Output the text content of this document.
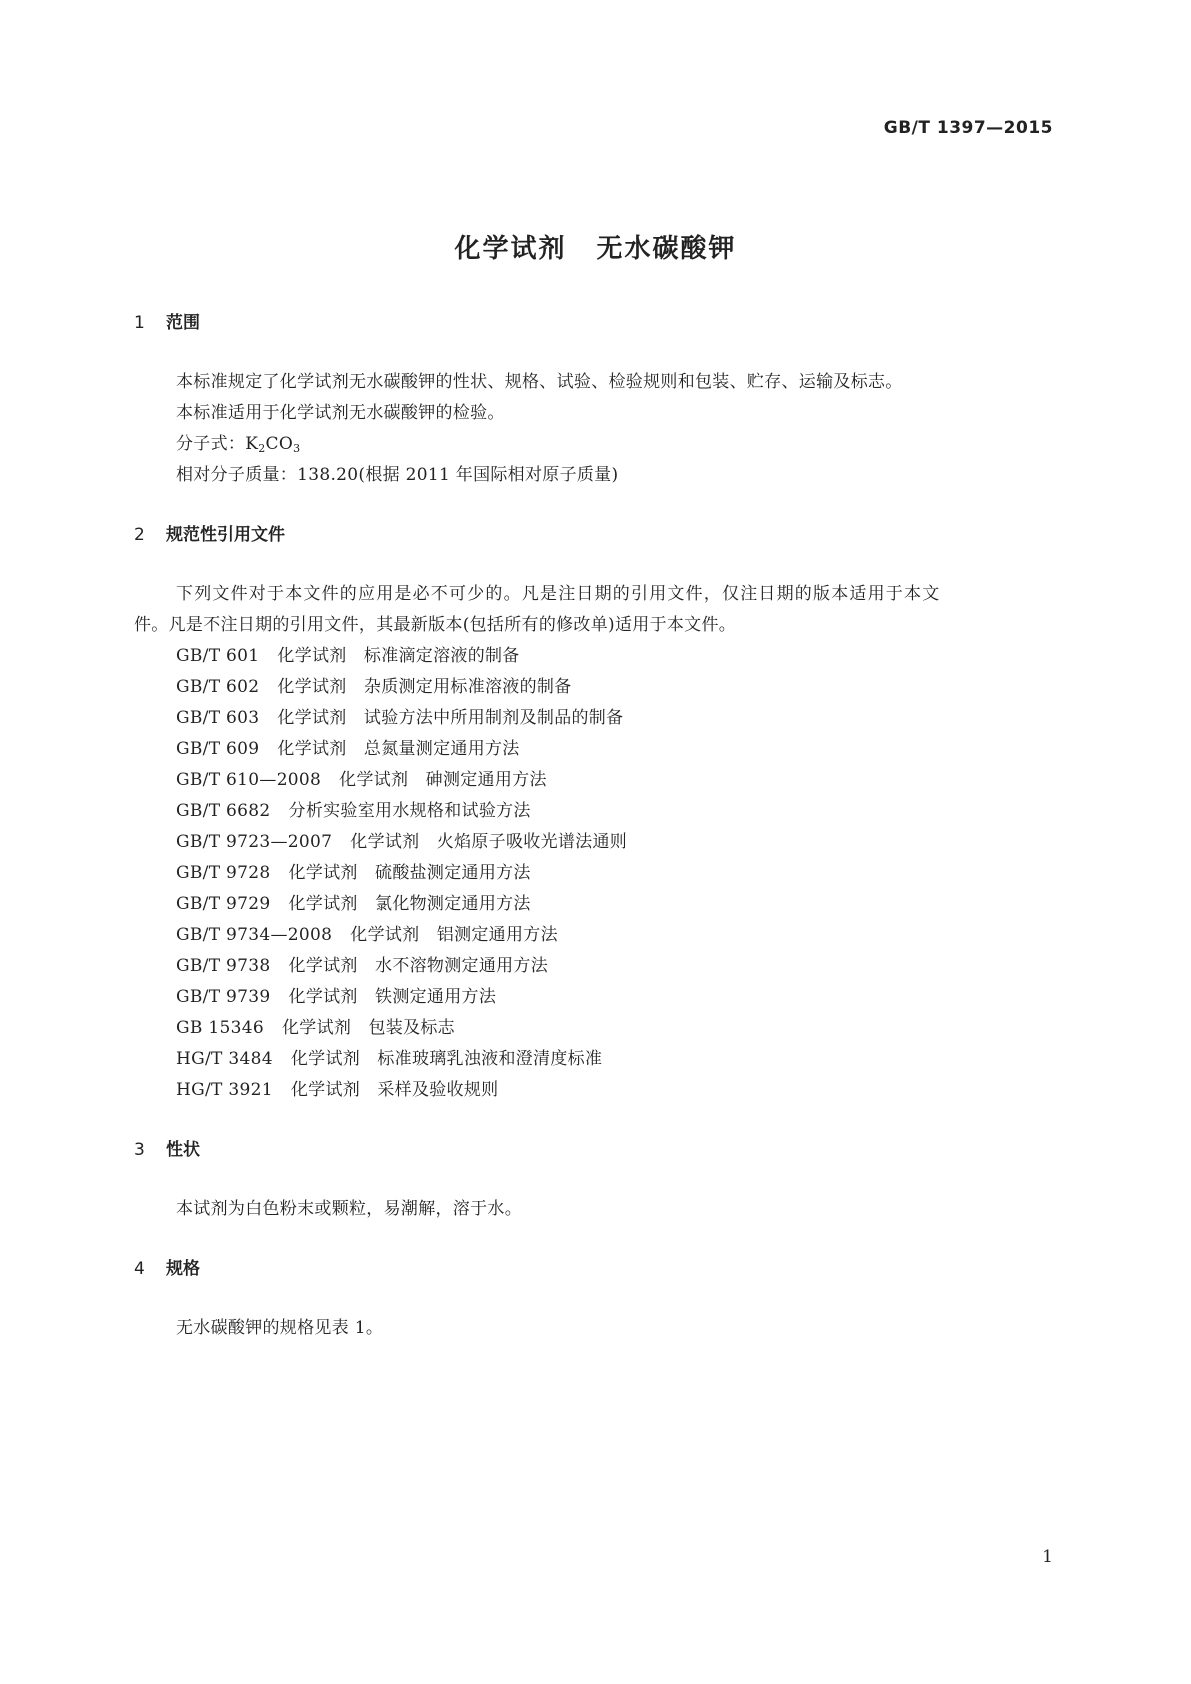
GB/T 1397—2015
化学试剂 无水碳酸钾
1 范围
本标准规定了化学试剂无水碳酸钾的性状、规格、试验、检验规则和包装、贮存、运输及标志。
本标准适用于化学试剂无水碳酸钾的检验。
分子式：$K_2CO_3$
相对分子质量：138.20(根据 2011 年国际相对原子质量)
2 规范性引用文件
下列文件对于本文件的应用是必不可少的。凡是注日期的引用文件，仅注日期的版本适用于本文
件。凡是不注日期的引用文件，其最新版本(包括所有的修改单)适用于本文件。
GB/T 601 化学试剂　标准滴定溶液的制备
GB/T 602 化学试剂　杂质测定用标准溶液的制备
GB/T 603 化学试剂　试验方法中所用制剂及制品的制备
GB/T 609 化学试剂　总氮量测定通用方法
GB/T 610—2008 化学试剂　砷测定通用方法
GB/T 6682 分析实验室用水规格和试验方法
GB/T 9723—2007 化学试剂　火焰原子吸收光谱法通则
GB/T 9728 化学试剂　硫酸盐测定通用方法
GB/T 9729 化学试剂　氯化物测定通用方法
GB/T 9734—2008 化学试剂　铝测定通用方法
GB/T 9738 化学试剂　水不溶物测定通用方法
GB/T 9739 化学试剂　铁测定通用方法
GB 15346 化学试剂　包装及标志
HG/T 3484 化学试剂　标准玻璃乳浊液和澄清度标准
HG/T 3921 化学试剂　采样及验收规则
3 性状
本试剂为白色粉末或颗粒，易潮解，溶于水。
4 规格
无水碳酸钾的规格见表 1。
1
